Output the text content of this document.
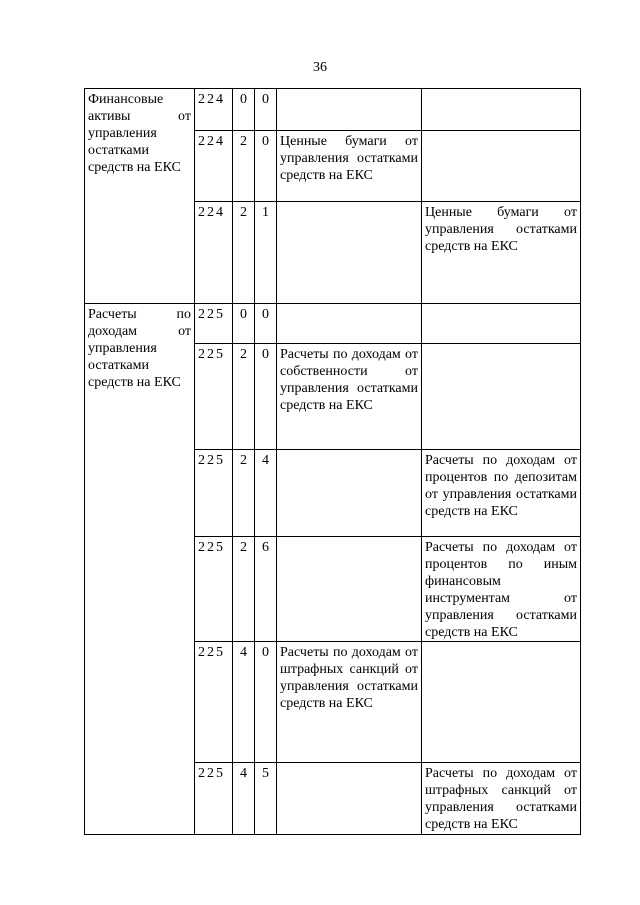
36
Финансовые активы от управления остатками средств на ЕКС	224	0	0		
	224	2	0	Ценные бумаги от управления остатками средств на ЕКС	
	224	2	1		Ценные бумаги от управления остатками средств на ЕКС
Расчеты по доходам от управления остатками средств на ЕКС	225	0	0		
	225	2	0	Расчеты по доходам от собственности от управления остатками средств на ЕКС	
	225	2	4		Расчеты по доходам от процентов по депозитам от управления остатками средств на ЕКС
	225	2	6		Расчеты по доходам от процентов по иным финансовым инструментам от управления остатками средств на ЕКС
	225	4	0	Расчеты по доходам от штрафных санкций от управления остатками средств на ЕКС	
	225	4	5		Расчеты по доходам от штрафных санкций от управления остатками средств на ЕКС
